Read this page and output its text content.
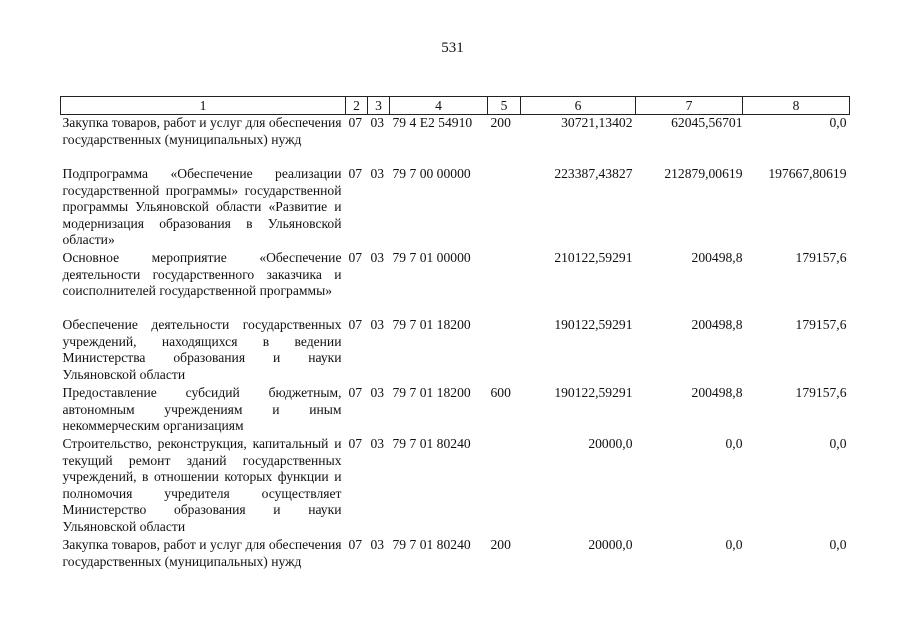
531
1	2	3	4	5	6	7	8
Закупка товаров, работ и услуг для обеспечения государственных (муниципальных) нужд	07	03	79 4 E2 54910	200	30721,13402	62045,56701	0,0
Подпрограмма «Обеспечение реализации государственной программы» государственной программы Ульяновской области «Развитие и модернизация образования в Ульяновской области»	07	03	79 7 00 00000		223387,43827	212879,00619	197667,80619
Основное мероприятие «Обеспечение деятельности государственного заказчика и соисполнителей государственной программы»	07	03	79 7 01 00000		210122,59291	200498,8	179157,6
Обеспечение деятельности государственных учреждений, находящихся в ведении Министерства образования и науки Ульяновской области	07	03	79 7 01 18200		190122,59291	200498,8	179157,6
Предоставление субсидий бюджетным, автономным учреждениям и иным некоммерческим организациям	07	03	79 7 01 18200	600	190122,59291	200498,8	179157,6
Строительство, реконструкция, капитальный и текущий ремонт зданий государственных учреждений, в отношении которых функции и полномочия учредителя осуществляет Министерство образования и науки Ульяновской области	07	03	79 7 01 80240		20000,0	0,0	0,0
Закупка товаров, работ и услуг для обеспечения государственных (муниципальных) нужд	07	03	79 7 01 80240	200	20000,0	0,0	0,0
